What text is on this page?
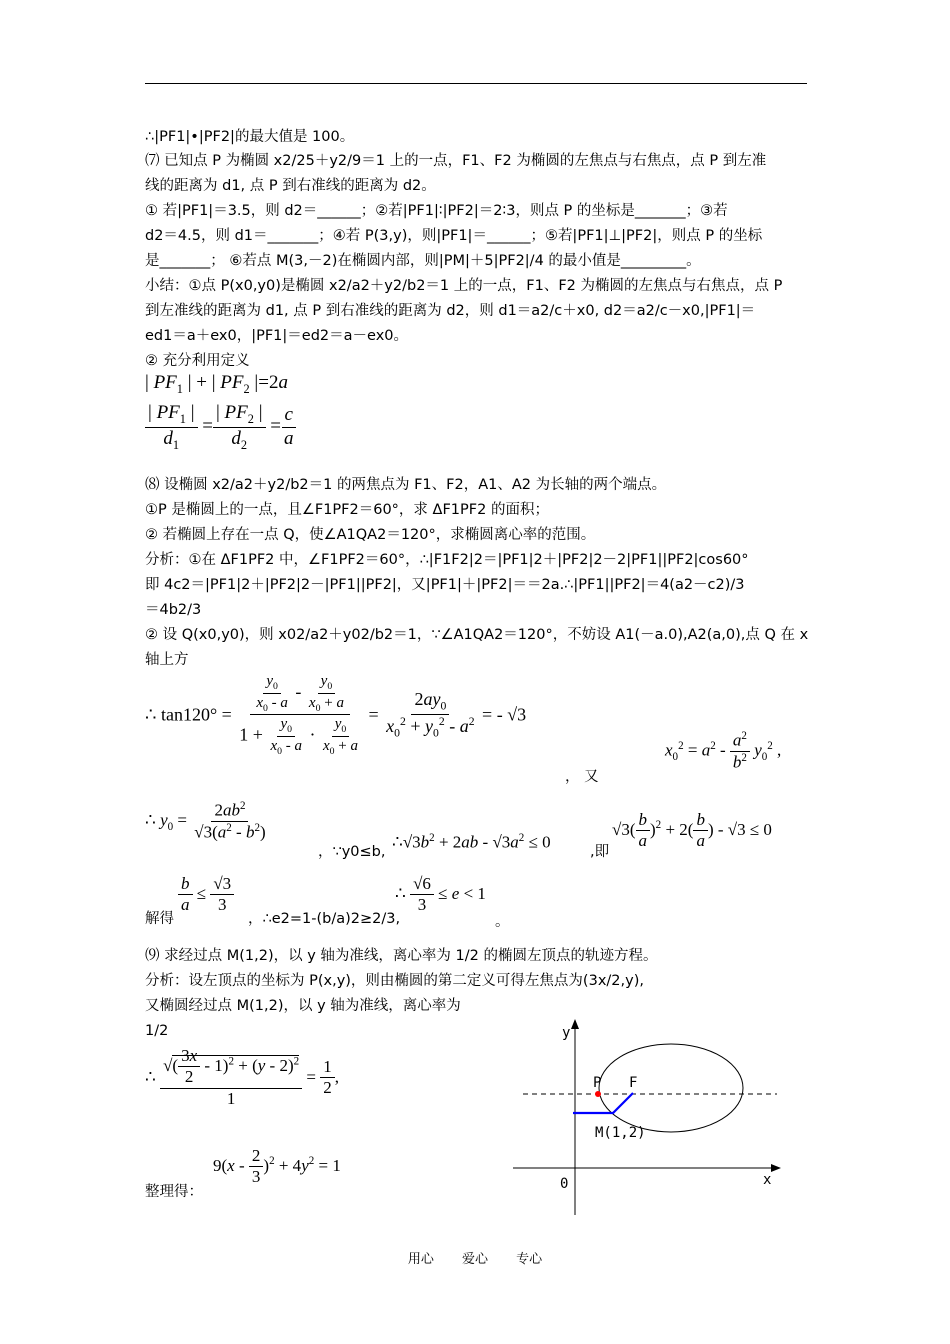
∴|PF1|•|PF2|的最大值是 100。
⑺ 已知点 P 为椭圆 x2/25＋y2/9＝1 上的一点，F1、F2 为椭圆的左焦点与右焦点，点 P 到左准
线的距离为 d1, 点 P 到右准线的距离为 d2。
① 若|PF1|＝3.5，则 d2＝______；②若|PF1|∶|PF2|＝2∶3，则点 P 的坐标是_______；③若
d2＝4.5，则 d1＝_______；④若 P(3,y)，则|PF1|＝______；⑤若|PF1|⊥|PF2|，则点 P 的坐标
是_______； ⑥若点 M(3,－2)在椭圆内部，则|PM|＋5|PF2|/4 的最小值是_________。
小结：①点 P(x0,y0)是椭圆 x2/a2＋y2/b2＝1 上的一点，F1、F2 为椭圆的左焦点与右焦点，点 P
到左准线的距离为 d1, 点 P 到右准线的距离为 d2，则 d1＝a2/c＋x0, d2＝a2/c－x0,|PF1|＝
ed1＝a＋ex0，|PF1|＝ed2＝a－ex0。
② 充分利用定义
| $PF_1$ | + | $PF_2$ |=2a
$\frac{| PF_1 |}{d_1} = \frac{| PF_2 |}{d_2} = \frac{c}{a}$
⑻ 设椭圆 x2/a2＋y2/b2＝1 的两焦点为 F1、F2，A1、A2 为长轴的两个端点。
①P 是椭圆上的一点，且∠F1PF2＝60°，求 ΔF1PF2 的面积；
② 若椭圆上存在一点 Q，使∠A1QA2＝120°，求椭圆离心率的范围。
分析：①在 ΔF1PF2 中，∠F1PF2＝60°，∴|F1F2|2＝|PF1|2＋|PF2|2－2|PF1||PF2|cos60°
即 4c2＝|PF1|2＋|PF2|2－|PF1||PF2|，又|PF1|＋|PF2|＝＝2a.∴|PF1||PF2|＝4(a2－c2)/3
＝4b2/3
② 设 Q(x0,y0)，则 x02/a2＋y02/b2＝1，∵∠A1QA2＝120°，不妨设 A1(－a.0),A2(a,0),点 Q 在 x
轴上方
∴ $\tan 120^\circ = \frac{\frac{y_0}{x_0 - a} - \frac{y_0}{x_0 + a}}{1 + \frac{y_0}{x_0 - a} \cdot \frac{y_0}{x_0 + a}} = \frac{2ay_0}{x_0^2 + y_0^2 - a^2}$ = - √3
， 又
$x_0^2 = a^2 - \frac{a^2}{b^2} y_0^2$ ,
∴ $y_0 = \frac{2ab^2}{√3(a^2 - b^2)}$
，∵y0≤b,
$\therefore√3b^2 + 2ab - √3a^2 \le 0$
,即
$√3( \frac{b}{a} )^2 + 2( \frac{b}{a}$ ) - √3 ≤ 0
解得
$\frac{b}{a} \le \frac{√3}{3}$
，∴e2=1-(b/a)2≥2/3,
∴ $\frac{√6}{3} \le e < 1$
。
⑼ 求经过点 M(1,2)，以 y 轴为准线，离心率为 1/2 的椭圆左顶点的轨迹方程。
分析：设左顶点的坐标为 P(x,y)，则由椭圆的第二定义可得左焦点为(3x/2,y),
又椭圆经过点 M(1,2)，以 y 轴为准线，离心率为
1/2
∴ $\frac{√( \frac{3x}{2} - 1)^2 + (y - 2)^2}{1} = \frac{1}{2}$ ,
整理得：
$9(x - \frac{2}{3} )^2 + 4y^2 = 1$
y
x
0
P F
M(1,2)
用心 爱心 专心
